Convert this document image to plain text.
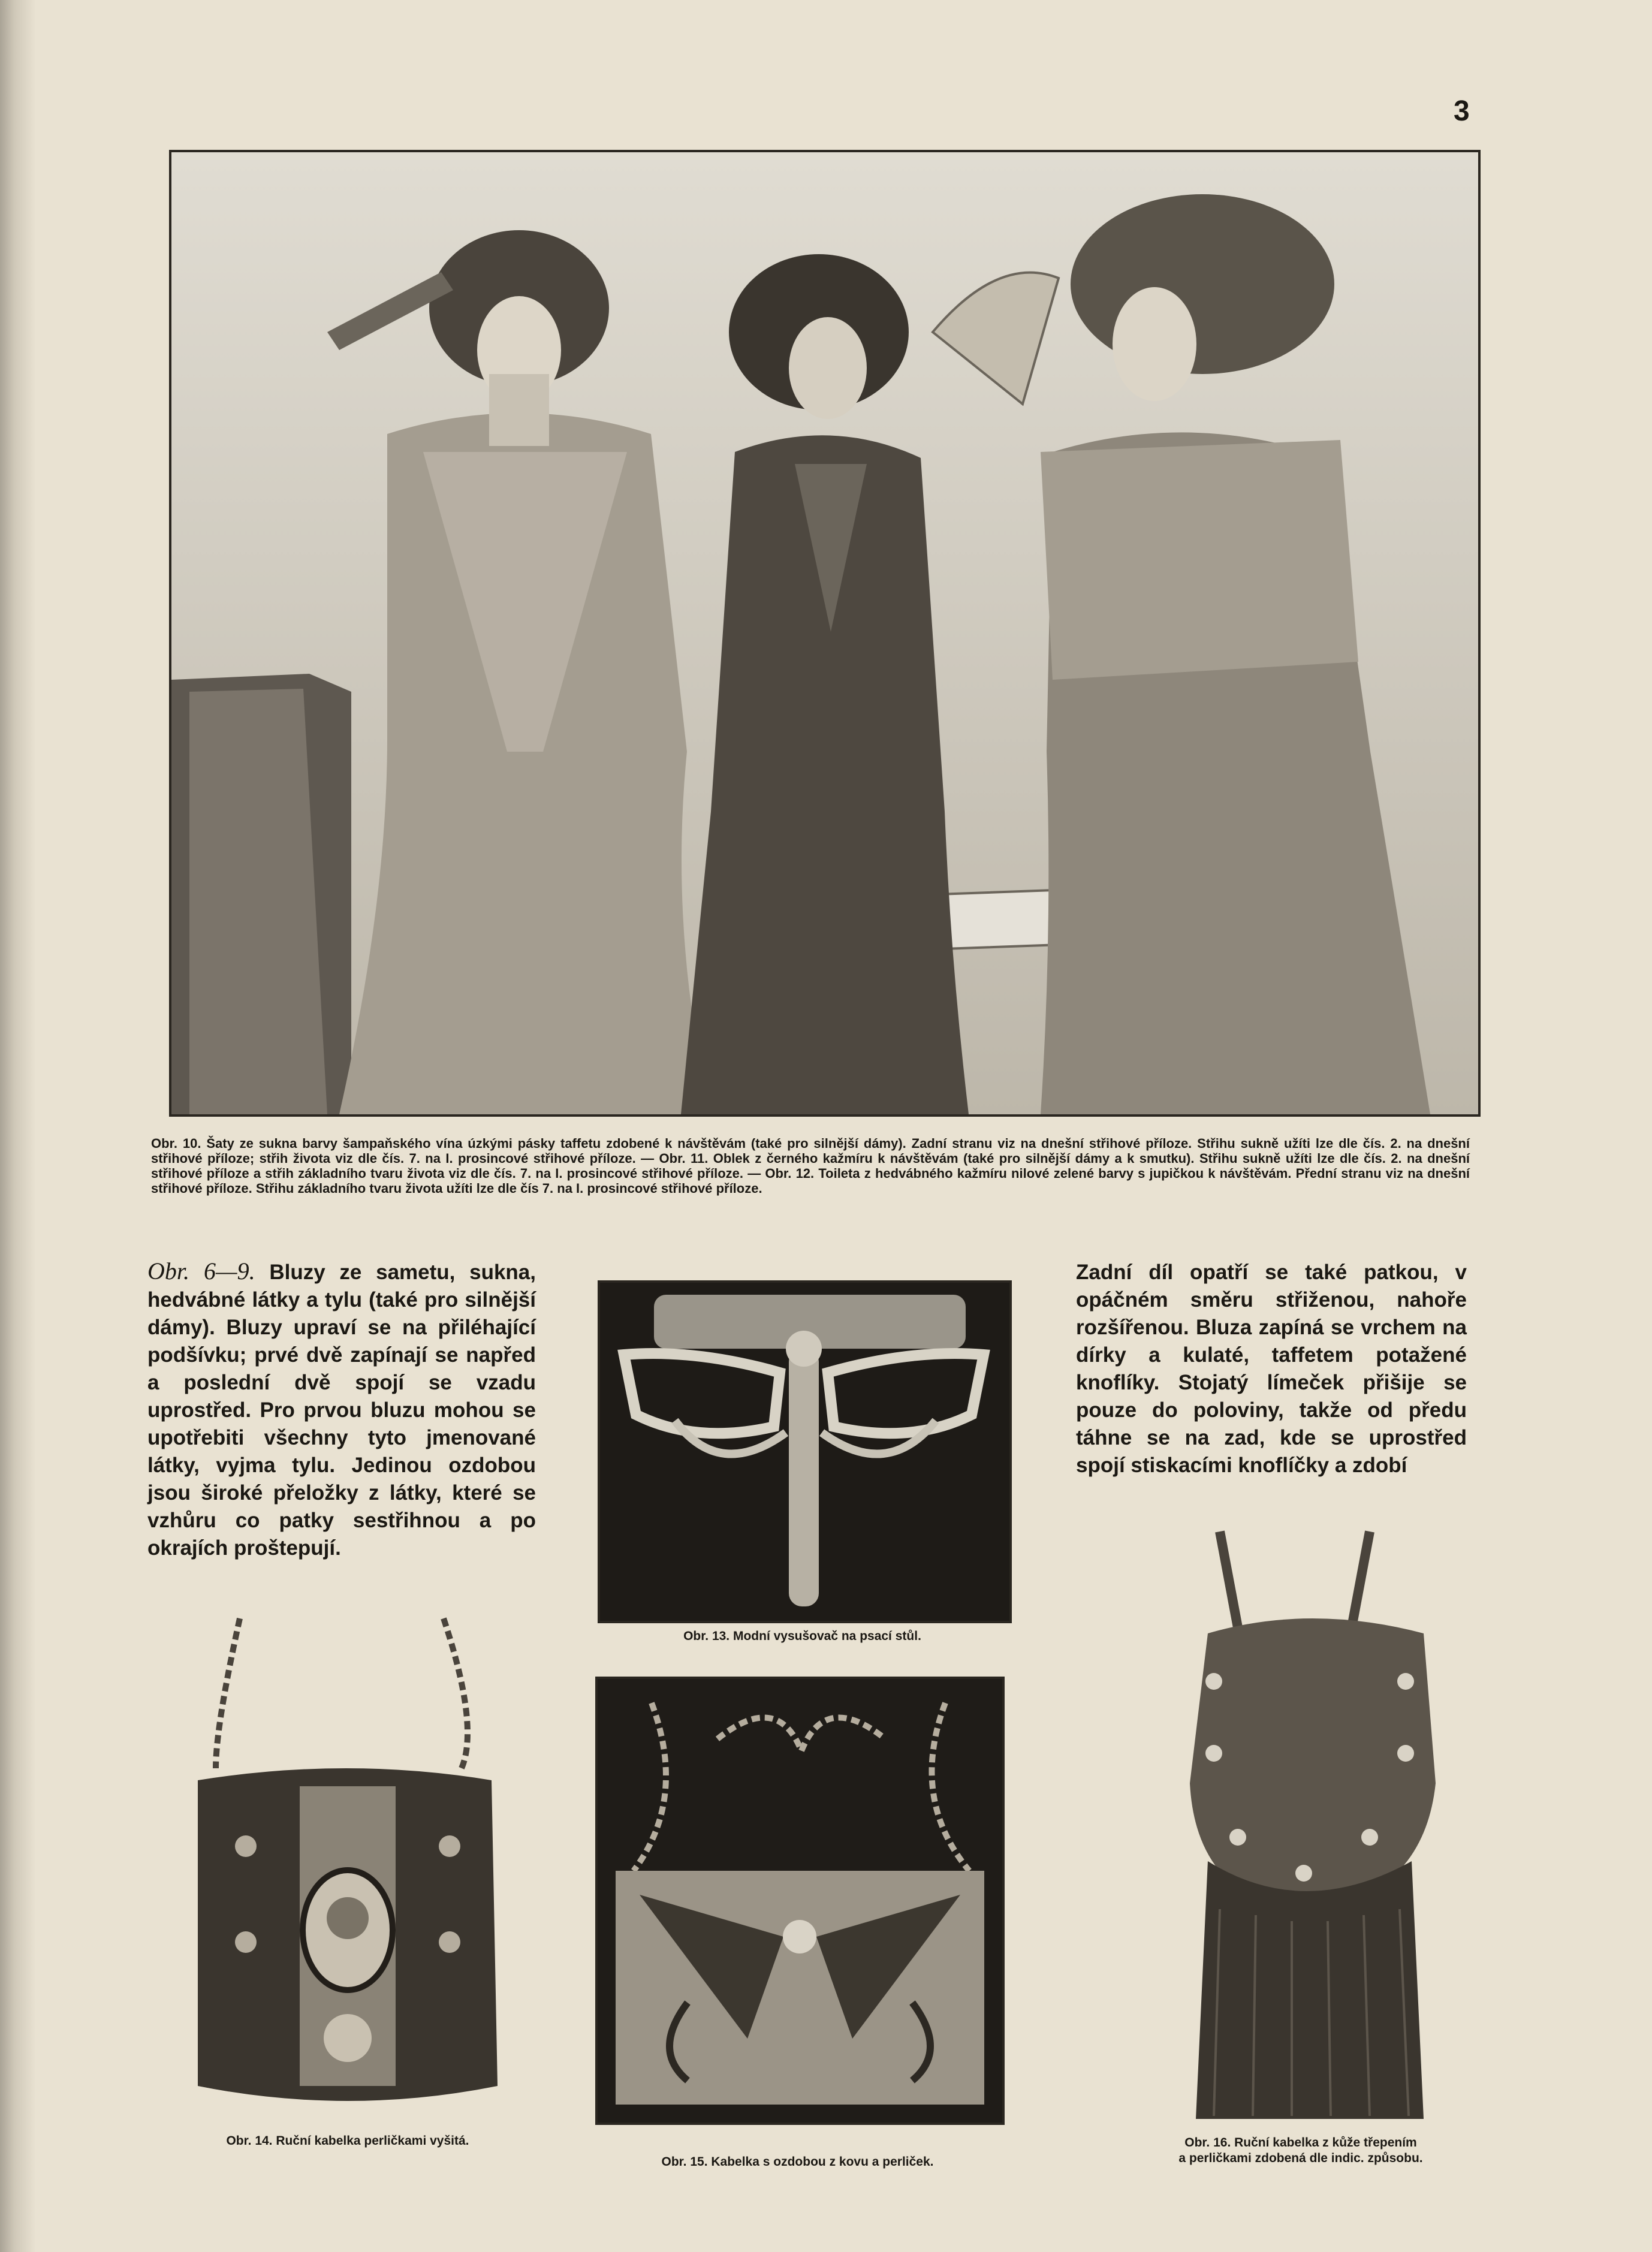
3
Obr. 10. Šaty ze sukna barvy šampaňského vína úzkými pásky taffetu zdobené k návštěvám (také pro silnější dámy). Zadní stranu viz na dnešní střihové příloze. Střihu sukně užíti lze dle čís. 2. na dnešní střihové příloze; střih života viz dle čís. 7. na I. prosincové střihové příloze. — Obr. 11. Oblek z černého kažmíru k návštěvám (také pro silnější dámy a k smutku). Střihu sukně užíti lze dle čís. 2. na dnešní střihové příloze a střih základního tvaru života viz dle čís. 7. na I. prosincové střihové příloze. — Obr. 12. Toileta z hedvábného kažmíru nilové zelené barvy s jupičkou k návštěvám. Přední stranu viz na dnešní střihové příloze. Střihu základního tvaru života užíti lze dle čís 7. na I. prosincové střihové příloze.
Obr. 6—9. Bluzy ze sametu, sukna, hedvábné látky a tylu (také pro silnější dámy). Bluzy upraví se na přiléhající podšívku; prvé dvě zapínají se napřed a poslední dvě spojí se vzadu uprostřed. Pro prvou bluzu mohou se upotřebiti všechny tyto jmenované látky, vyjma tylu. Jedinou ozdobou jsou široké přeložky z látky, které se vzhůru co patky sestřihnou a po okrajích proštepují.
Obr. 13. Modní vysušovač na psací stůl.
Zadní díl opatří se také patkou, v opáčném směru střiženou, nahoře rozšířenou. Bluza zapíná se vrchem na dírky a kulaté, taffetem potažené knoflíky. Stojatý límeček přišije se pouze do poloviny, takže od předu táhne se na zad, kde se uprostřed spojí stiskacími knoflíčky a zdobí
Obr. 14. Ruční kabelka perličkami vyšitá.
Obr. 15. Kabelka s ozdobou z kovu a perliček.
Obr. 16. Ruční kabelka z kůže třepením
a perličkami zdobená dle indic. způsobu.
